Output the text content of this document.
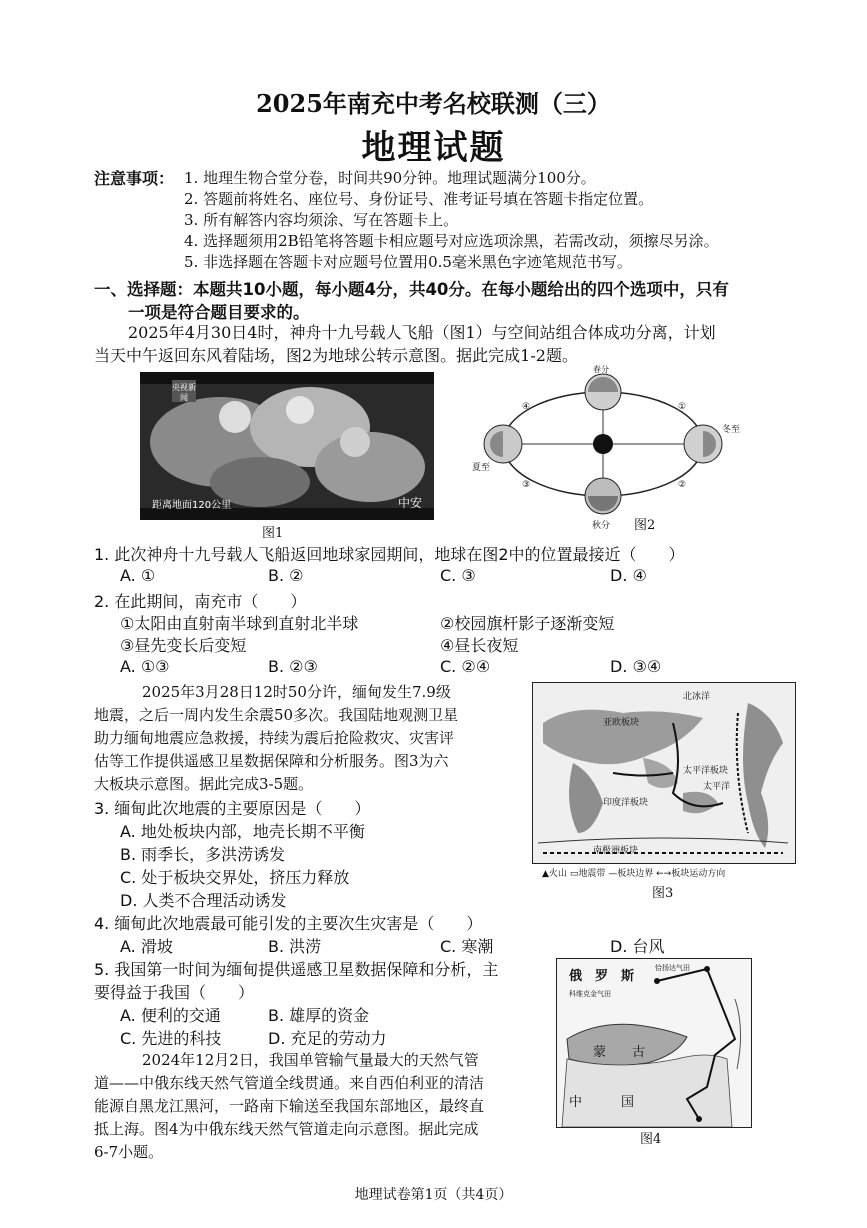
2025年南充中考名校联测（三）
地理试题
注意事项： 1. 地理生物合堂分卷，时间共90分钟。地理试题满分100分。
2. 答题前将姓名、座位号、身份证号、准考证号填在答题卡指定位置。
3. 所有解答内容均须涂、写在答题卡上。
4. 选择题须用2B铅笔将答题卡相应题号对应选项涂黑，若需改动，须擦尽另涂。
5. 非选择题在答题卡对应题号位置用0.5毫米黑色字迹笔规范书写。
一、选择题：本题共10小题，每小题4分，共40分。在每小题给出的四个选项中，只有
一项是符合题目要求的。
2025年4月30日4时，神舟十九号载人飞船（图1）与空间站组合体成功分离，计划
当天中午返回东风着陆场，图2为地球公转示意图。据此完成1-2题。
央视新闻
距离地面120公里	中安
图1
春分
冬至
秋分
夏至
④	①
②
③
图2
1. 此次神舟十九号载人飞船返回地球家园期间，地球在图2中的位置最接近（　　）
A. ①	B. ②	C. ③	D. ④
2. 在此期间，南充市（　　）
①太阳由直射南半球到直射北半球	②校园旗杆影子逐渐变短
③昼先变长后变短	④昼长夜短
A. ①③	B. ②③	C. ②④	D. ③④
2025年3月28日12时50分许，缅甸发生7.9级
地震，之后一周内发生余震50多次。我国陆地观测卫星
助力缅甸地震应急救援，持续为震后抢险救灾、灾害评
估等工作提供遥感卫星数据保障和分析服务。图3为六
大板块示意图。据此完成3-5题。
北冰洋
亚欧板块
太平洋板块
太平洋
印度洋板块
南极洲板块
▲火山 ▭地震带 —板块边界 ←→板块运动方向
图3
3. 缅甸此次地震的主要原因是（　　）
A. 地处板块内部，地壳长期不平衡
B. 雨季长，多洪涝诱发
C. 处于板块交界处，挤压力释放
D. 人类不合理活动诱发
4. 缅甸此次地震最可能引发的主要次生灾害是（　　）
A. 滑坡	B. 洪涝	C. 寒潮	D. 台风
5. 我国第一时间为缅甸提供遥感卫星数据保障和分析，主
要得益于我国（　　）
A. 便利的交通	B. 雄厚的资金
C. 先进的科技	D. 充足的劳动力
2024年12月2日，我国单管输气量最大的天然气管
道——中俄东线天然气管道全线贯通。来自西伯利亚的清洁
能源自黑龙江黑河，一路南下输送至我国东部地区，最终直
抵上海。图4为中俄东线天然气管道走向示意图。据此完成
6-7小题。
俄　罗　斯
恰扬达气田
科维克金气田
蒙　　古
中　　　国
图4
地理试卷第1页（共4页）
